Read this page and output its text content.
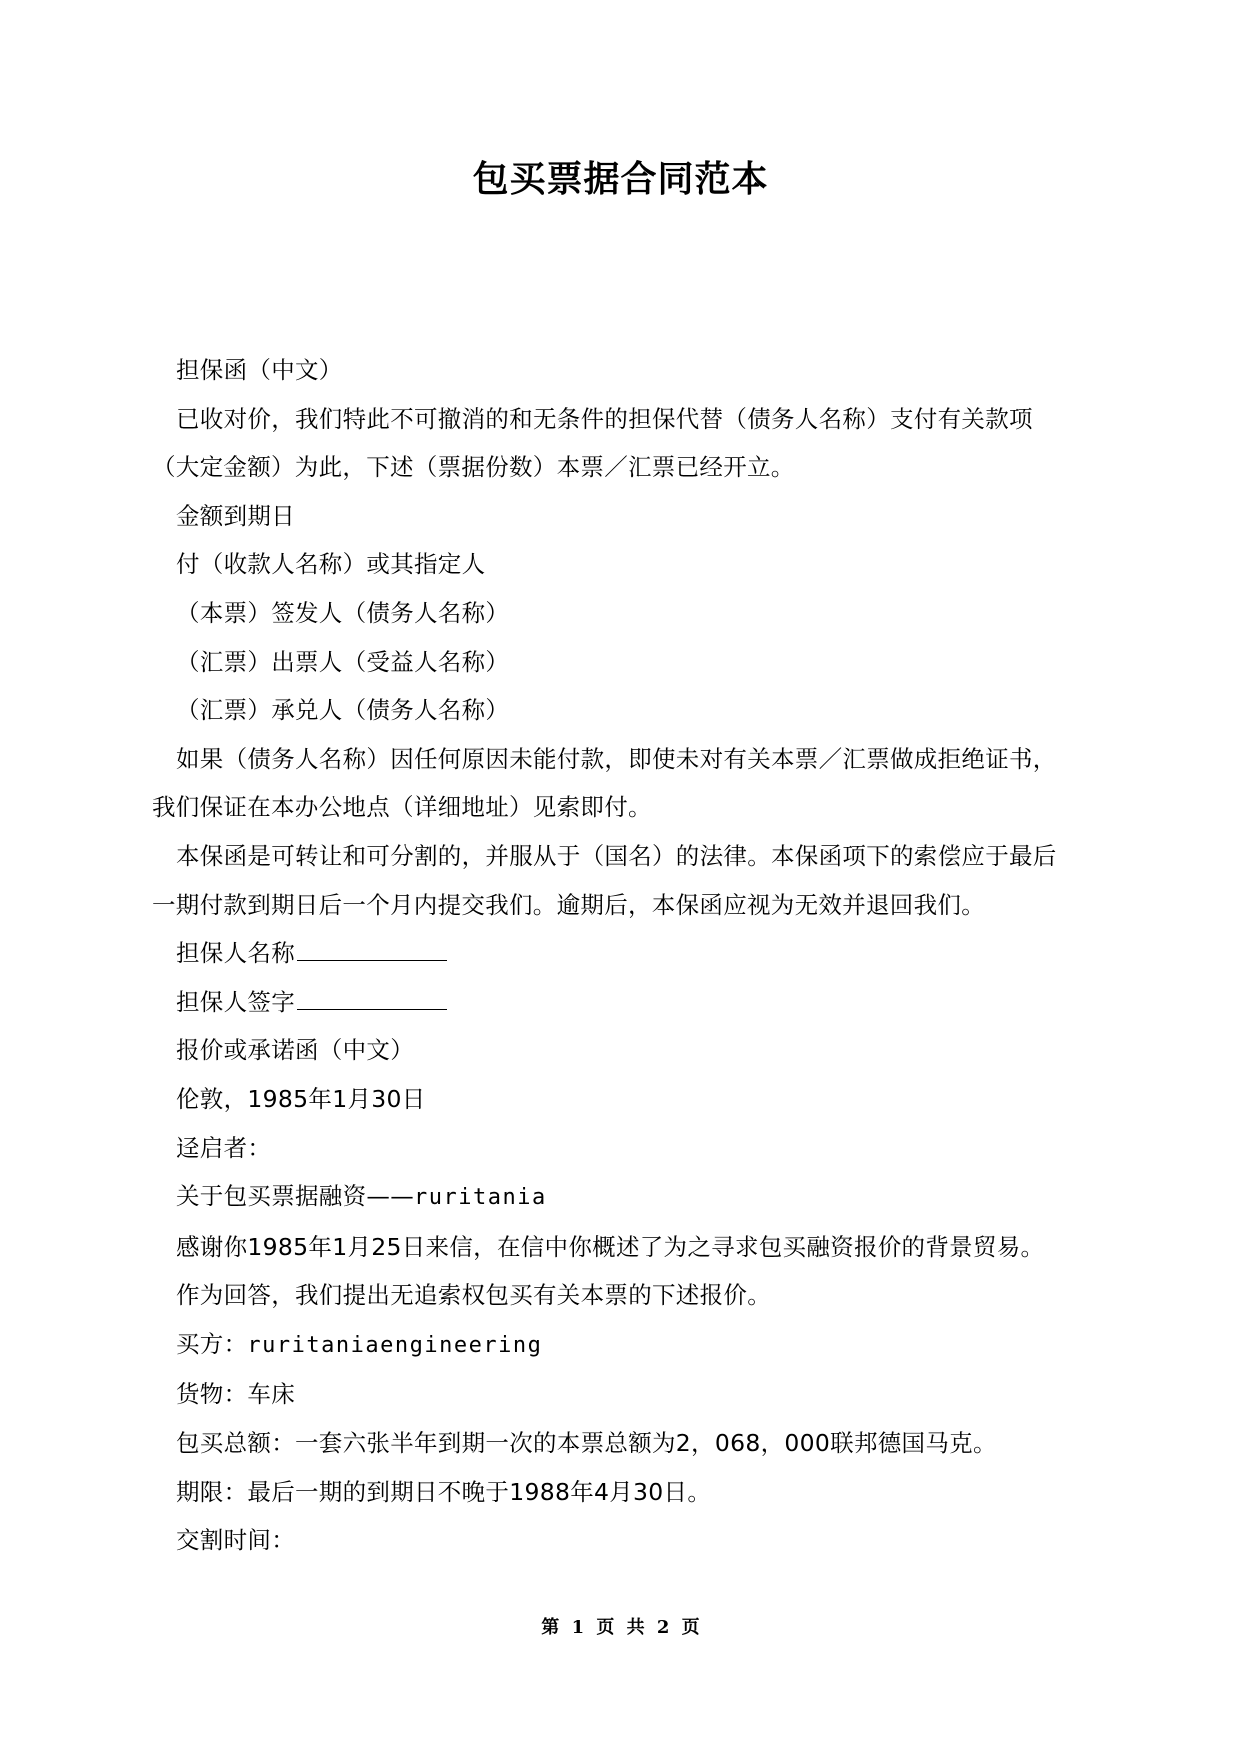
包买票据合同范本

担保函（中文）

已收对价，我们特此不可撤消的和无条件的担保代替（债务人名称）支付有关款项
（大定金额）为此，下述（票据份数）本票／汇票已经开立。

金额到期日

付（收款人名称）或其指定人

（本票）签发人（债务人名称）

（汇票）出票人（受益人名称）

（汇票）承兑人（债务人名称）

如果（债务人名称）因任何原因未能付款，即使未对有关本票／汇票做成拒绝证书，
我们保证在本办公地点（详细地址）见索即付。

本保函是可转让和可分割的，并服从于（国名）的法律。本保函项下的索偿应于最后
一期付款到期日后一个月内提交我们。逾期后，本保函应视为无效并退回我们。

担保人名称

担保人签字

报价或承诺函（中文）

伦敦，1985年1月30日

迳启者：

关于包买票据融资——ruritania

感谢你1985年1月25日来信，在信中你概述了为之寻求包买融资报价的背景贸易。

作为回答，我们提出无追索权包买有关本票的下述报价。

买方：ruritaniaengineering

货物：车床

包买总额：一套六张半年到期一次的本票总额为2，068，000联邦德国马克。

期限：最后一期的到期日不晚于1988年4月30日。

交割时间：

第 1 页 共 2 页
